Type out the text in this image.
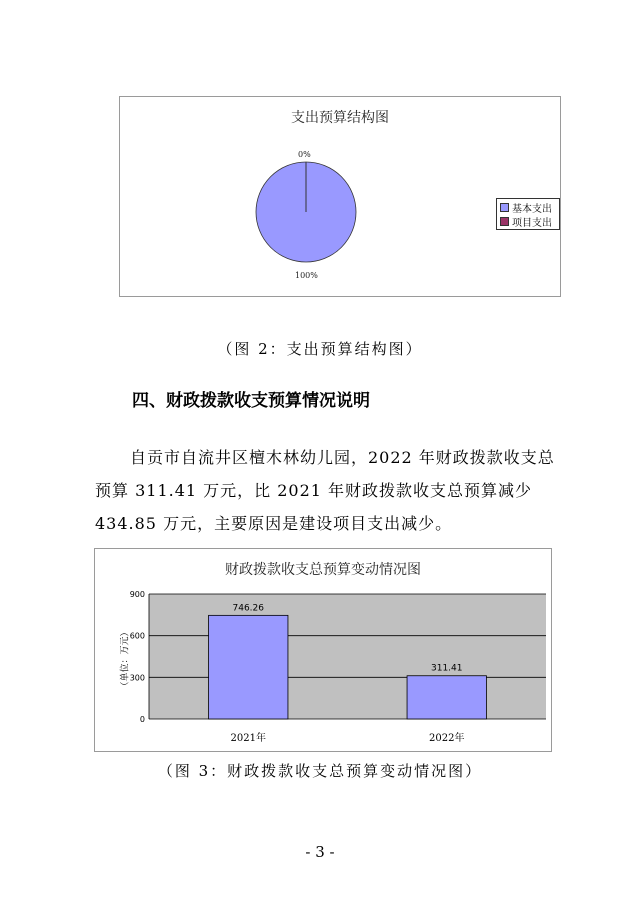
支出预算结构图
0%
100%
基本支出
项目支出
（图 2：支出预算结构图）
四、财政拨款收支预算情况说明
自贡市自流井区檀木林幼儿园，2022 年财政拨款收支总
预算 311.41 万元，比 2021 年财政拨款收支总预算减少
434.85 万元，主要原因是建设项目支出减少。
财政拨款收支总预算变动情况图
0
300
600
900
746.26
2021年
311.41
2022年
（单位：万元）
（图 3：财政拨款收支总预算变动情况图）
- 3 -
